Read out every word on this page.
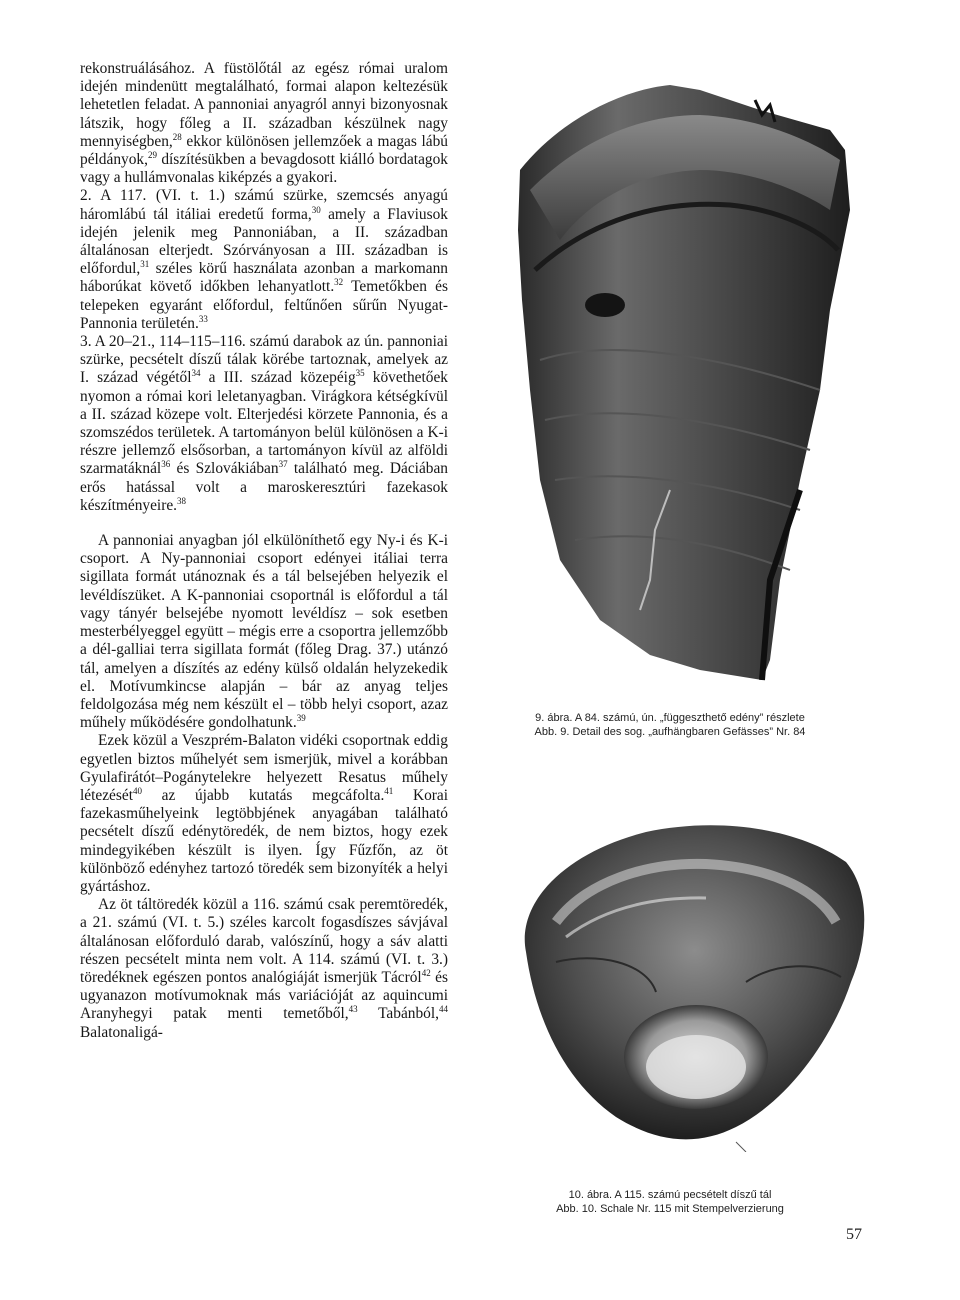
rekonstruálásához. A füstölőtál az egész római uralom idején mindenütt megtalálható, formai alapon keltezésük lehetetlen feladat. A pannoniai anyagról annyi bizonyosnak látszik, hogy főleg a II. században készülnek nagy mennyiségben,$^{28}$ ekkor különösen jellemzőek a magas lábú példányok,$^{29}$ díszítésükben a bevagdosott kiálló bordatagok vagy a hullámvonalas kiképzés a gyakori.

2. A 117. (VI. t. 1.) számú szürke, szemcsés anyagú háromlábú tál itáliai eredetű forma,$^{30}$ amely a Flaviusok idején jelenik meg Pannoniában, a II. században általánosan elterjedt. Szórványosan a III. században is előfordul,$^{31}$ széles körű használata azonban a markomann háborúkat követő időkben lehanyatlott.$^{32}$ Temetőkben és telepeken egyaránt előfordul, feltűnően sűrűn Nyugat-Pannonia területén.$^{33}$

3. A 20–21., 114–115–116. számú darabok az ún. pannoniai szürke, pecsételt díszű tálak körébe tartoznak, amelyek az I. század végétől$^{34}$ a III. század közepéig$^{35}$ követhetőek nyomon a római kori leletanyagban. Virágkora kétségkívül a II. század közepe volt. Elterjedési körzete Pannonia, és a szomszédos területek. A tartományon belül különösen a K-i részre jellemző elsősorban, a tartományon kívül az alföldi szarmatáknál$^{36}$ és Szlovákiában$^{37}$ található meg. Dáciában erős hatással volt a maroskeresztúri fazekasok készítményeire.$^{38}$

A pannoniai anyagban jól elkülöníthető egy Ny-i és K-i csoport. A Ny-pannoniai csoport edényei itáliai terra sigillata formát utánoznak és a tál belsejében helyezik el levéldíszüket. A K-pannoniai csoportnál is előfordul a tál vagy tányér belsejébe nyomott levéldísz – sok esetben mesterbélyeggel együtt – mégis erre a csoportra jellemzőbb a dél-galliai terra sigillata formát (főleg Drag. 37.) utánzó tál, amelyen a díszítés az edény külső oldalán helyzekedik el. Motívumkincse alapján – bár az anyag teljes feldolgozása még nem készült el – több helyi csoport, azaz műhely működésére gondolhatunk.$^{39}$

Ezek közül a Veszprém-Balaton vidéki csoportnak eddig egyetlen biztos műhelyét sem ismerjük, mivel a korábban Gyulafirátót–Pogánytelekre helyezett Resatus műhely létezését$^{40}$ az újabb kutatás megcáfolta.$^{41}$ Korai fazekasműhelyeink legtöbbjének anyagában található pecsételt díszű edénytöredék, de nem biztos, hogy ezek mindegyikében készült is ilyen. Így Fűzfőn, az öt különböző edényhez tartozó töredék sem bizonyíték a helyi gyártáshoz.

Az öt táltöredék közül a 116. számú csak peremtöredék, a 21. számú (VI. t. 5.) széles karcolt fogasdíszes sávjával általánosan előforduló darab, valószínű, hogy a sáv alatti részen pecsételt minta nem volt. A 114. számú (VI. t. 3.) töredéknek egészen pontos analógiáját ismerjük Tácról$^{42}$ és ugyanazon motívumoknak más variációját az aquincumi Aranyhegyi patak menti temetőből,$^{43}$ Tabánból,$^{44}$ Balatonaligá-

9. ábra. A 84. számú, ún. „függeszthető edény” részlete
Abb. 9. Detail des sog. „aufhängbaren Gefässes” Nr. 84
10. ábra. A 115. számú pecsételt díszű tál
Abb. 10. Schale Nr. 115 mit Stempelverzierung
57
